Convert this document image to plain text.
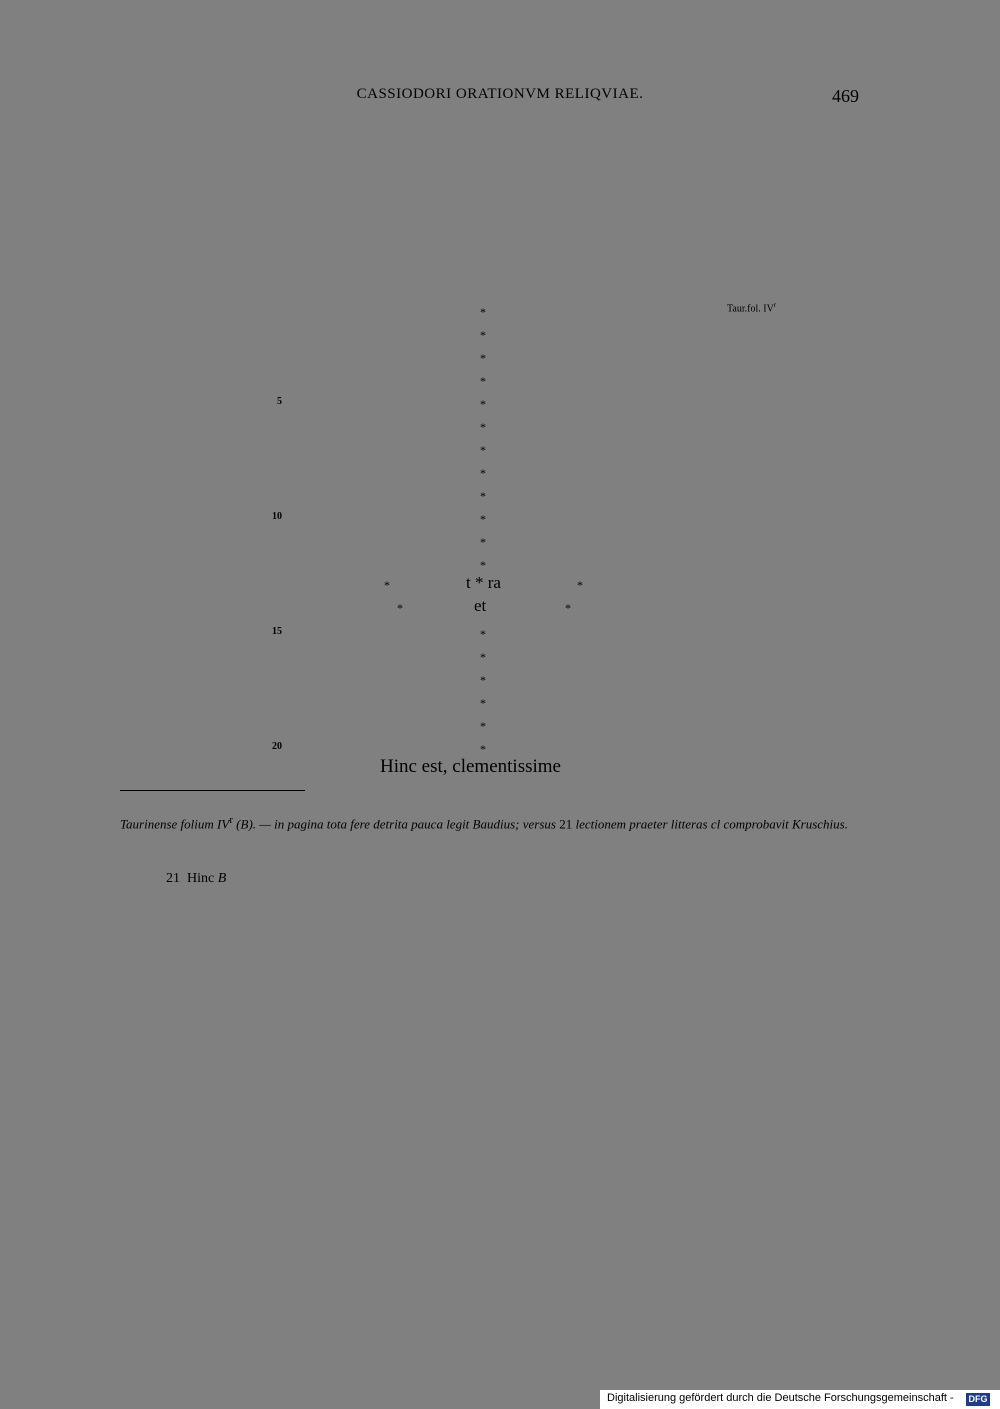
CASSIODORI ORATIONVM RELIQVIAE.	469
Taur.fol. $IV^r$
5
10
15
20
*
*
*
*
*
*
*
*
*
*
*
*
*
*
*
*
*
*
*	t * ra	*
*	et	*
Hinc est, clementissime
Taurinense folium $IV^r$ (B). — in pagina tota fere detrita pauca legit Baudius; versus 21 lectionem praeter litteras cl comprobavit Kruschius.
21 Hinc B
Digitalisierung gefördert durch die Deutsche Forschungsgemeinschaft - DFG
